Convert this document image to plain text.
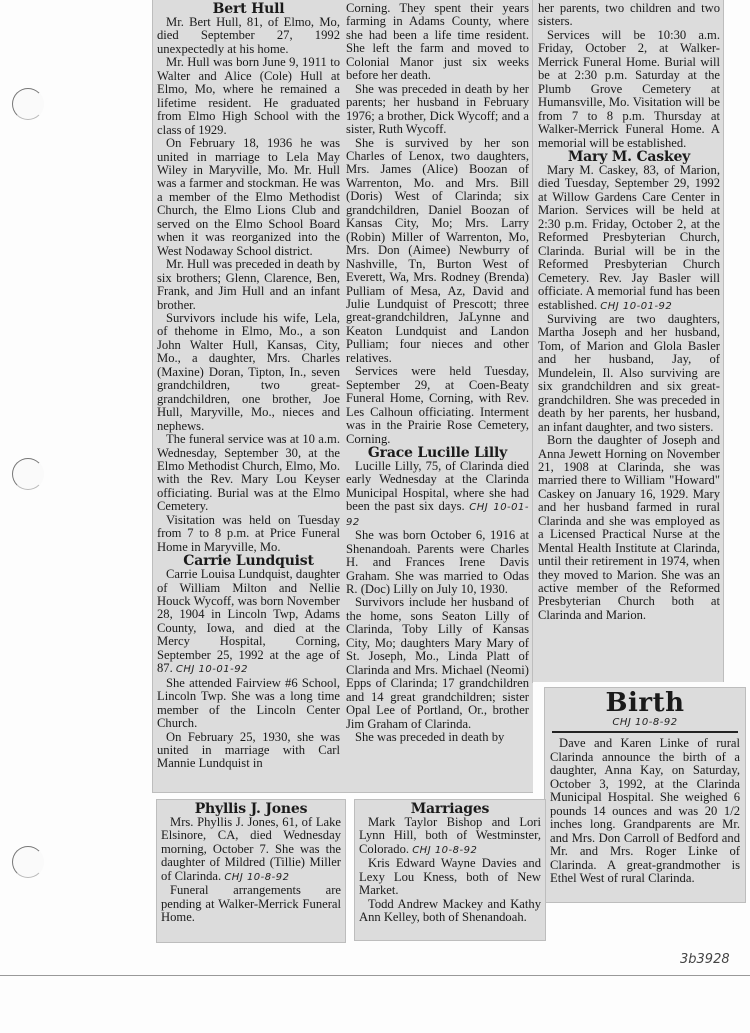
Bert Hull

Mr. Bert Hull, 81, of Elmo, Mo, died September 27, 1992 unexpectedly at his home.

Mr. Hull was born June 9, 1911 to Walter and Alice (Cole) Hull at Elmo, Mo, where he remained a lifetime resident. He graduated from Elmo High School with the class of 1929.

On February 18, 1936 he was united in marriage to Lela May Wiley in Maryville, Mo. Mr. Hull was a farmer and stockman. He was a member of the Elmo Methodist Church, the Elmo Lions Club and served on the Elmo School Board when it was reorganized into the West Nodaway School district.

Mr. Hull was preceded in death by six brothers; Glenn, Clarence, Ben, Frank, and Jim Hull and an infant brother.

Survivors include his wife, Lela, of thehome in Elmo, Mo., a son John Walter Hull, Kansas, City, Mo., a daughter, Mrs. Charles (Maxine) Doran, Tipton, In., seven grandchildren, two great-grandchildren, one brother, Joe Hull, Maryville, Mo., nieces and nephews.

The funeral service was at 10 a.m. Wednesday, September 30, at the Elmo Methodist Church, Elmo, Mo. with the Rev. Mary Lou Keyser officiating. Burial was at the Elmo Cemetery.

Visitation was held on Tuesday from 7 to 8 p.m. at Price Funeral Home in Maryville, Mo.

Carrie Lundquist

Carrie Louisa Lundquist, daughter of William Milton and Nellie Houck Wycoff, was born November 28, 1904 in Lincoln Twp, Adams County, Iowa, and died at the Mercy Hospital, Corning, September 25, 1992 at the age of 87. CHJ 10-01-92

She attended Fairview #6 School, Lincoln Twp. She was a long time member of the Lincoln Center Church.

On February 25, 1930, she was united in marriage with Carl Mannie Lundquist in

Corning. They spent their years farming in Adams County, where she had been a life time resident. She left the farm and moved to Colonial Manor just six weeks before her death.

She was preceded in death by her parents; her husband in February 1976; a brother, Dick Wycoff; and a sister, Ruth Wycoff.

She is survived by her son Charles of Lenox, two daughters, Mrs. James (Alice) Boozan of Warrenton, Mo. and Mrs. Bill (Doris) West of Clarinda; six grandchildren, Daniel Boozan of Kansas City, Mo; Mrs. Larry (Robin) Miller of Warrenton, Mo, Mrs. Don (Aimee) Newburry of Nashville, Tn, Burton West of Everett, Wa, Mrs. Rodney (Brenda) Pulliam of Mesa, Az, David and Julie Lundquist of Prescott; three great-grandchildren, JaLynne and Keaton Lundquist and Landon Pulliam; four nieces and other relatives.

Services were held Tuesday, September 29, at Coen-Beaty Funeral Home, Corning, with Rev. Les Calhoun officiating. Interment was in the Prairie Rose Cemetery, Corning.

Grace Lucille Lilly

Lucille Lilly, 75, of Clarinda died early Wednesday at the Clarinda Municipal Hospital, where she had been the past six days. CHJ 10-01-92

She was born October 6, 1916 at Shenandoah. Parents were Charles H. and Frances Irene Davis Graham. She was married to Odas R. (Doc) Lilly on July 10, 1930.

Survivors include her husband of the home, sons Seaton Lilly of Clarinda, Toby Lilly of Kansas City, Mo; daughters Mary Mary of St. Joseph, Mo., Linda Platt of Clarinda and Mrs. Michael (Neomi) Epps of Clarinda; 17 grandchildren and 14 great grandchildren; sister Opal Lee of Portland, Or., brother Jim Graham of Clarinda.

She was preceded in death by

her parents, two children and two sisters.

Services will be 10:30 a.m. Friday, October 2, at Walker-Merrick Funeral Home. Burial will be at 2:30 p.m. Saturday at the Plumb Grove Cemetery at Humansville, Mo. Visitation will be from 7 to 8 p.m. Thursday at Walker-Merrick Funeral Home. A memorial will be established.

Mary M. Caskey

Mary M. Caskey, 83, of Marion, died Tuesday, September 29, 1992 at Willow Gardens Care Center in Marion. Services will be held at 2:30 p.m. Friday, October 2, at the Reformed Presbyterian Church, Clarinda. Burial will be in the Reformed Presbyterian Church Cemetery. Rev. Jay Basler will officiate. A memorial fund has been established. CHJ 10-01-92

Surviving are two daughters, Martha Joseph and her husband, Tom, of Marion and Glola Basler and her husband, Jay, of Mundelein, Il. Also surviving are six grandchildren and six great-grandchildren. She was preceded in death by her parents, her husband, an infant daughter, and two sisters.

Born the daughter of Joseph and Anna Jewett Horning on November 21, 1908 at Clarinda, she was married there to William "Howard" Caskey on January 16, 1929. Mary and her husband farmed in rural Clarinda and she was employed as a Licensed Practical Nurse at the Mental Health Institute at Clarinda, until their retirement in 1974, when they moved to Marion. She was an active member of the Reformed Presbyterian Church both at Clarinda and Marion.

Birth
CHJ 10-8-92

Dave and Karen Linke of rural Clarinda announce the birth of a daughter, Anna Kay, on Saturday, October 3, 1992, at the Clarinda Municipal Hospital. She weighed 6 pounds 14 ounces and was 20 1/2 inches long. Grandparents are Mr. and Mrs. Don Carroll of Bedford and Mr. and Mrs. Roger Linke of Clarinda. A great-grandmother is Ethel West of rural Clarinda.

Phyllis J. Jones

Mrs. Phyllis J. Jones, 61, of Lake Elsinore, CA, died Wednesday morning, October 7. She was the daughter of Mildred (Tillie) Miller of Clarinda. CHJ 10-8-92

Funeral arrangements are pending at Walker-Merrick Funeral Home.

Marriages

Mark Taylor Bishop and Lori Lynn Hill, both of Westminster, Colorado. CHJ 10-8-92

Kris Edward Wayne Davies and Lexy Lou Kness, both of New Market.

Todd Andrew Mackey and Kathy Ann Kelley, both of Shenandoah.

3b3928
